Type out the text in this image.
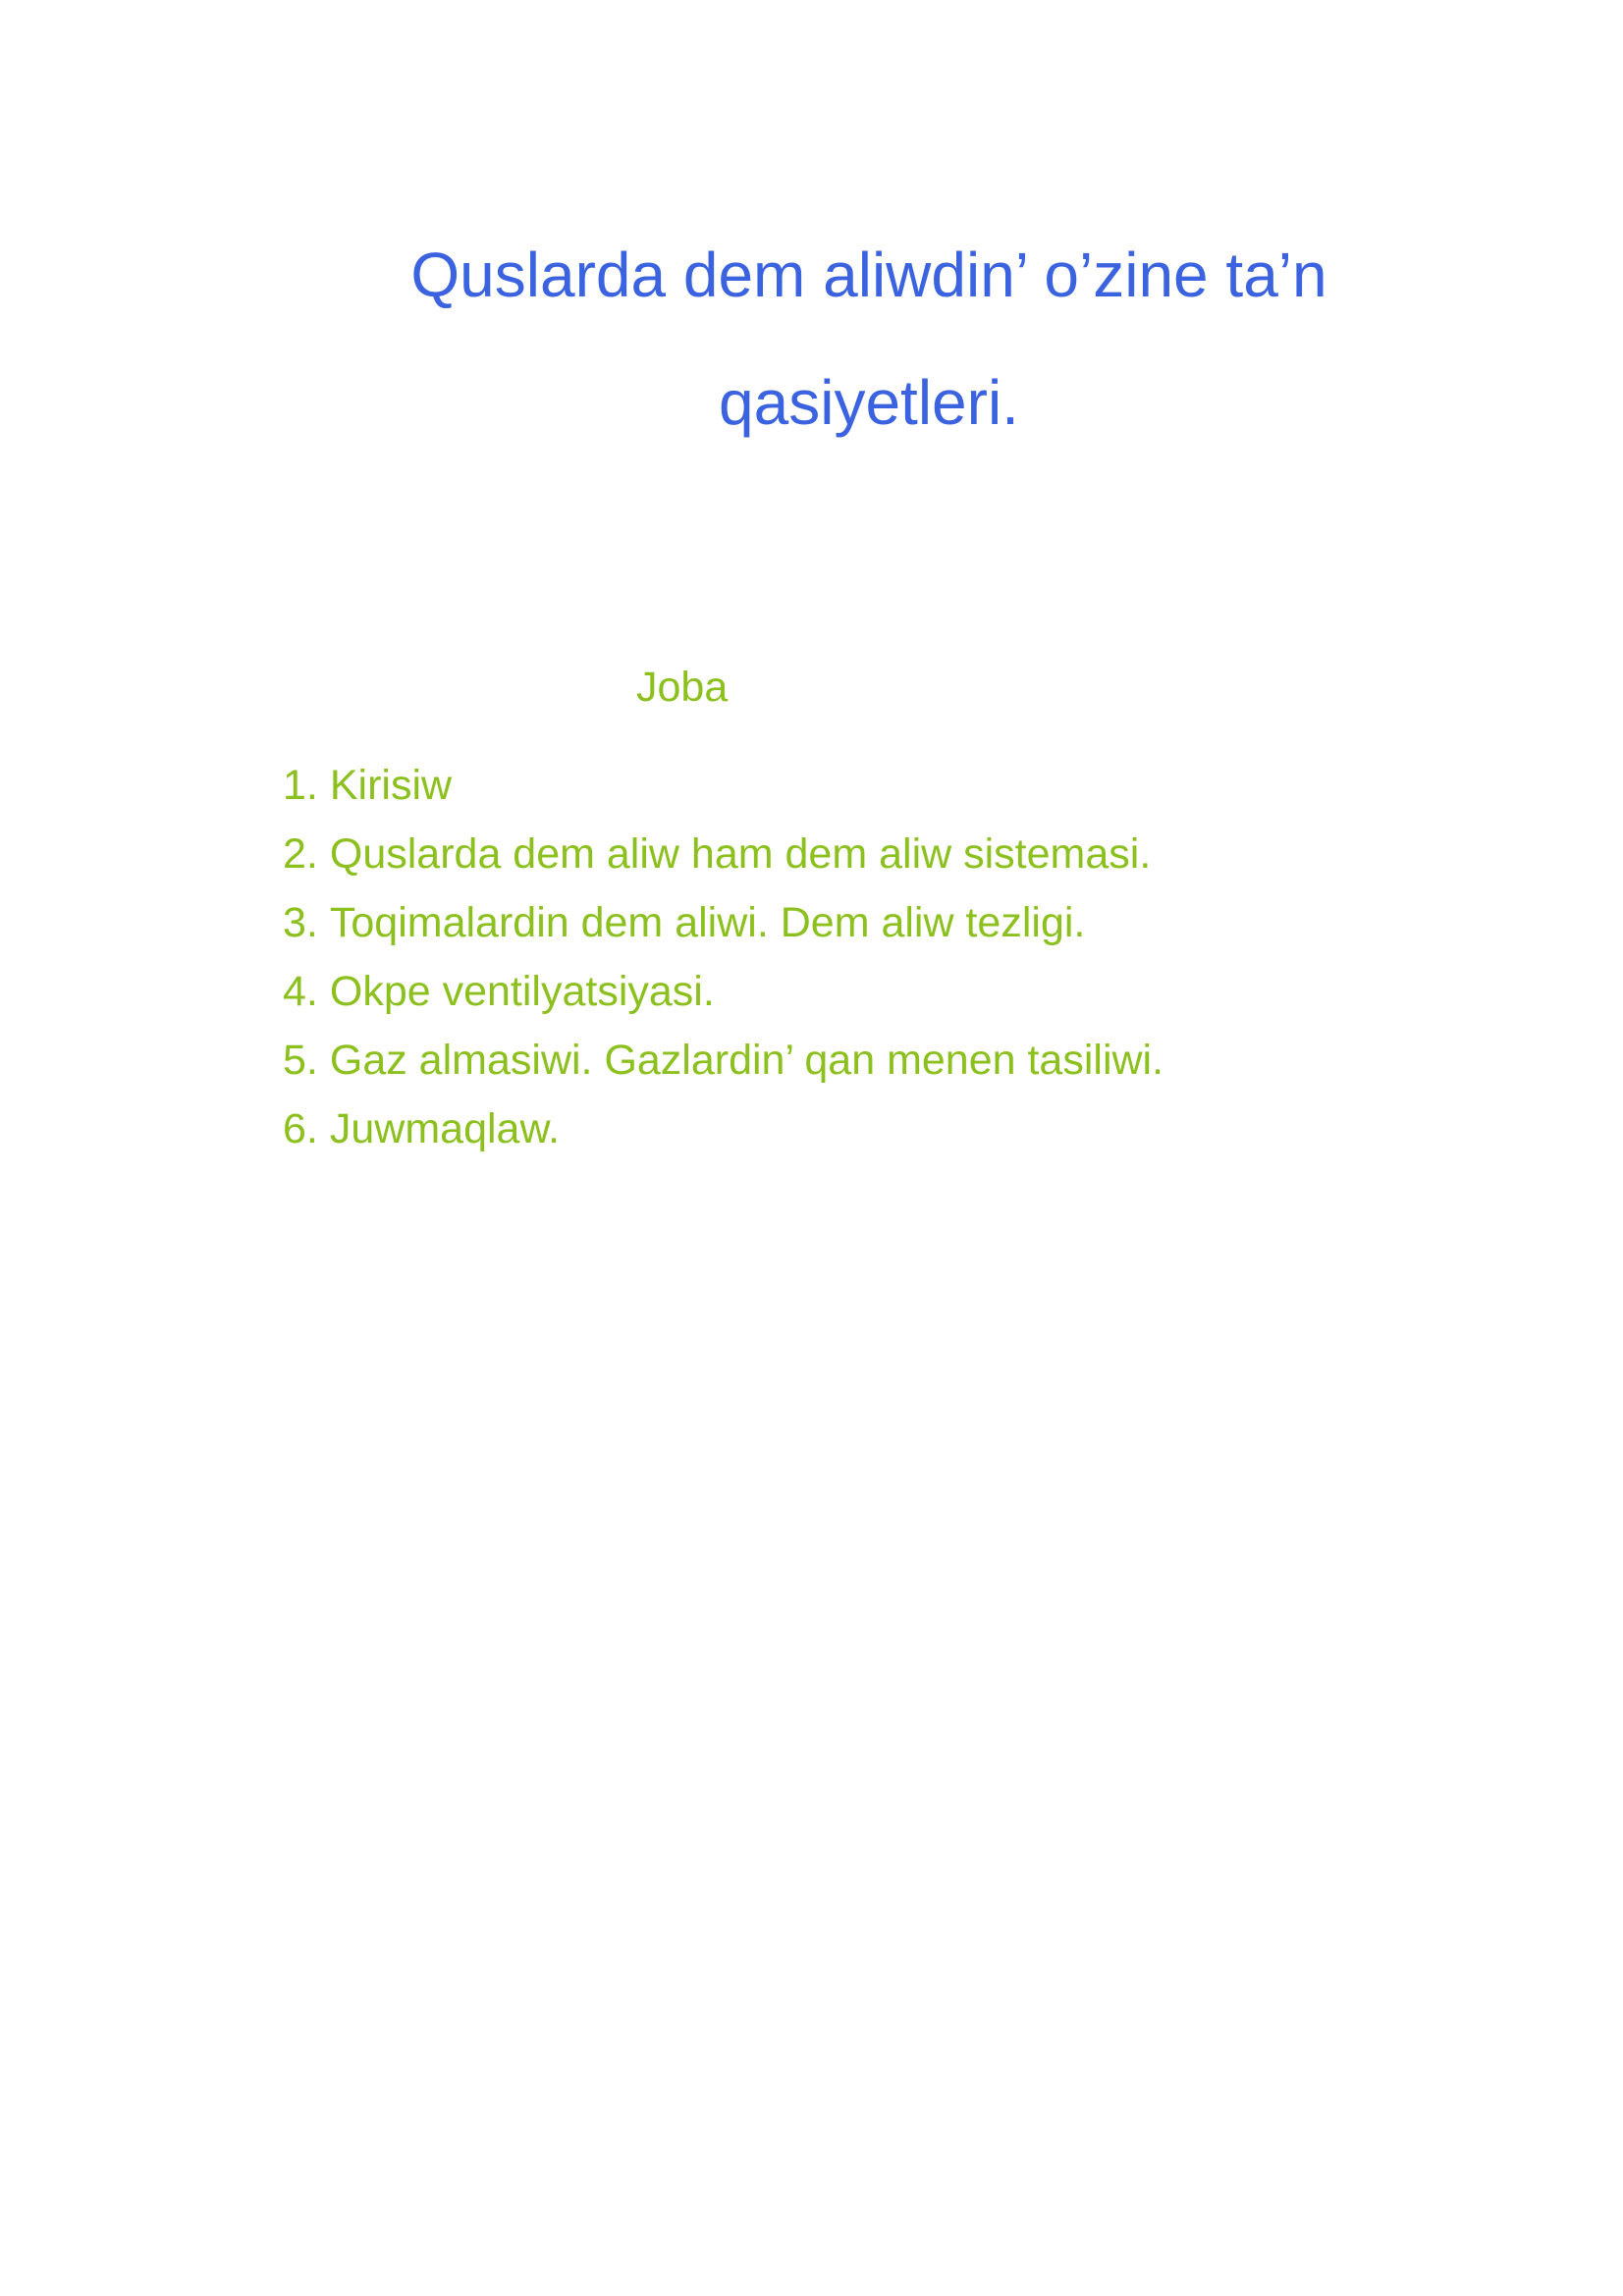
Quslarda dem aliwdin’ o’zine ta’n
qasiyetleri.
Joba
1. Kirisiw
2. Quslarda dem aliw ham dem aliw sistemasi.
3. Toqimalardin dem aliwi. Dem aliw tezligi.
4. Okpe ventilyatsiyasi.
5. Gaz almasiwi. Gazlardin’ qan menen tasiliwi.
6. Juwmaqlaw.
